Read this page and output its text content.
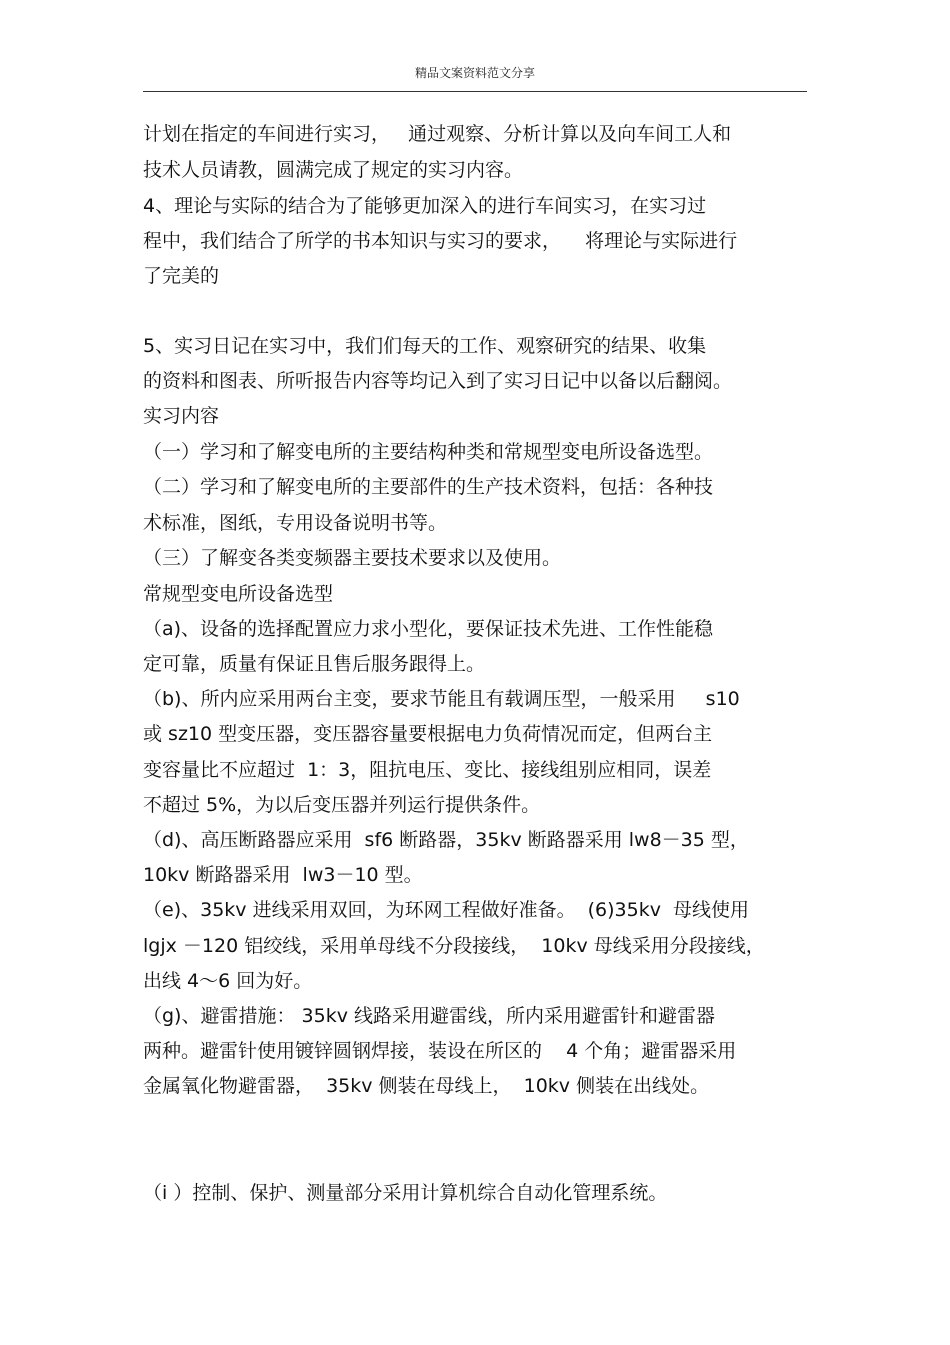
精品文案资料范文分享
计划在指定的车间进行实习，   通过观察、分析计算以及向车间工人和
技术人员请教，圆满完成了规定的实习内容。
4、理论与实际的结合为了能够更加深入的进行车间实习，在实习过
程中，我们结合了所学的书本知识与实习的要求，    将理论与实际进行
了完美的
5、实习日记在实习中，我们们每天的工作、观察研究的结果、收集
的资料和图表、所听报告内容等均记入到了实习日记中以备以后翻阅。
实习内容
（一）学习和了解变电所的主要结构种类和常规型变电所设备选型。
（二）学习和了解变电所的主要部件的生产技术资料，包括：各种技
术标准，图纸，专用设备说明书等。
（三）了解变各类变频器主要技术要求以及使用。
常规型变电所设备选型
（a)、设备的选择配置应力求小型化，要保证技术先进、工作性能稳
定可靠，质量有保证且售后服务跟得上。
（b)、所内应采用两台主变，要求节能且有载调压型，一般采用     s10
或 sz10 型变压器，变压器容量要根据电力负荷情况而定，但两台主
变容量比不应超过  1：3，阻抗电压、变比、接线组别应相同，误差
不超过 5%，为以后变压器并列运行提供条件。
（d)、高压断路器应采用  sf6 断路器，35kv 断路器采用 lw8－35 型，
10kv 断路器采用  lw3－10 型。
（e)、35kv 进线采用双回，为环网工程做好准备。  (6)35kv  母线使用
lgjx －120 铝绞线，采用单母线不分段接线，  10kv 母线采用分段接线，
出线 4～6 回为好。
（g)、避雷措施： 35kv 线路采用避雷线，所内采用避雷针和避雷器
两种。避雷针使用镀锌圆钢焊接，装设在所区的    4 个角；避雷器采用
金属氧化物避雷器，  35kv 侧装在母线上，  10kv 侧装在出线处。
（i ）控制、保护、测量部分采用计算机综合自动化管理系统。
